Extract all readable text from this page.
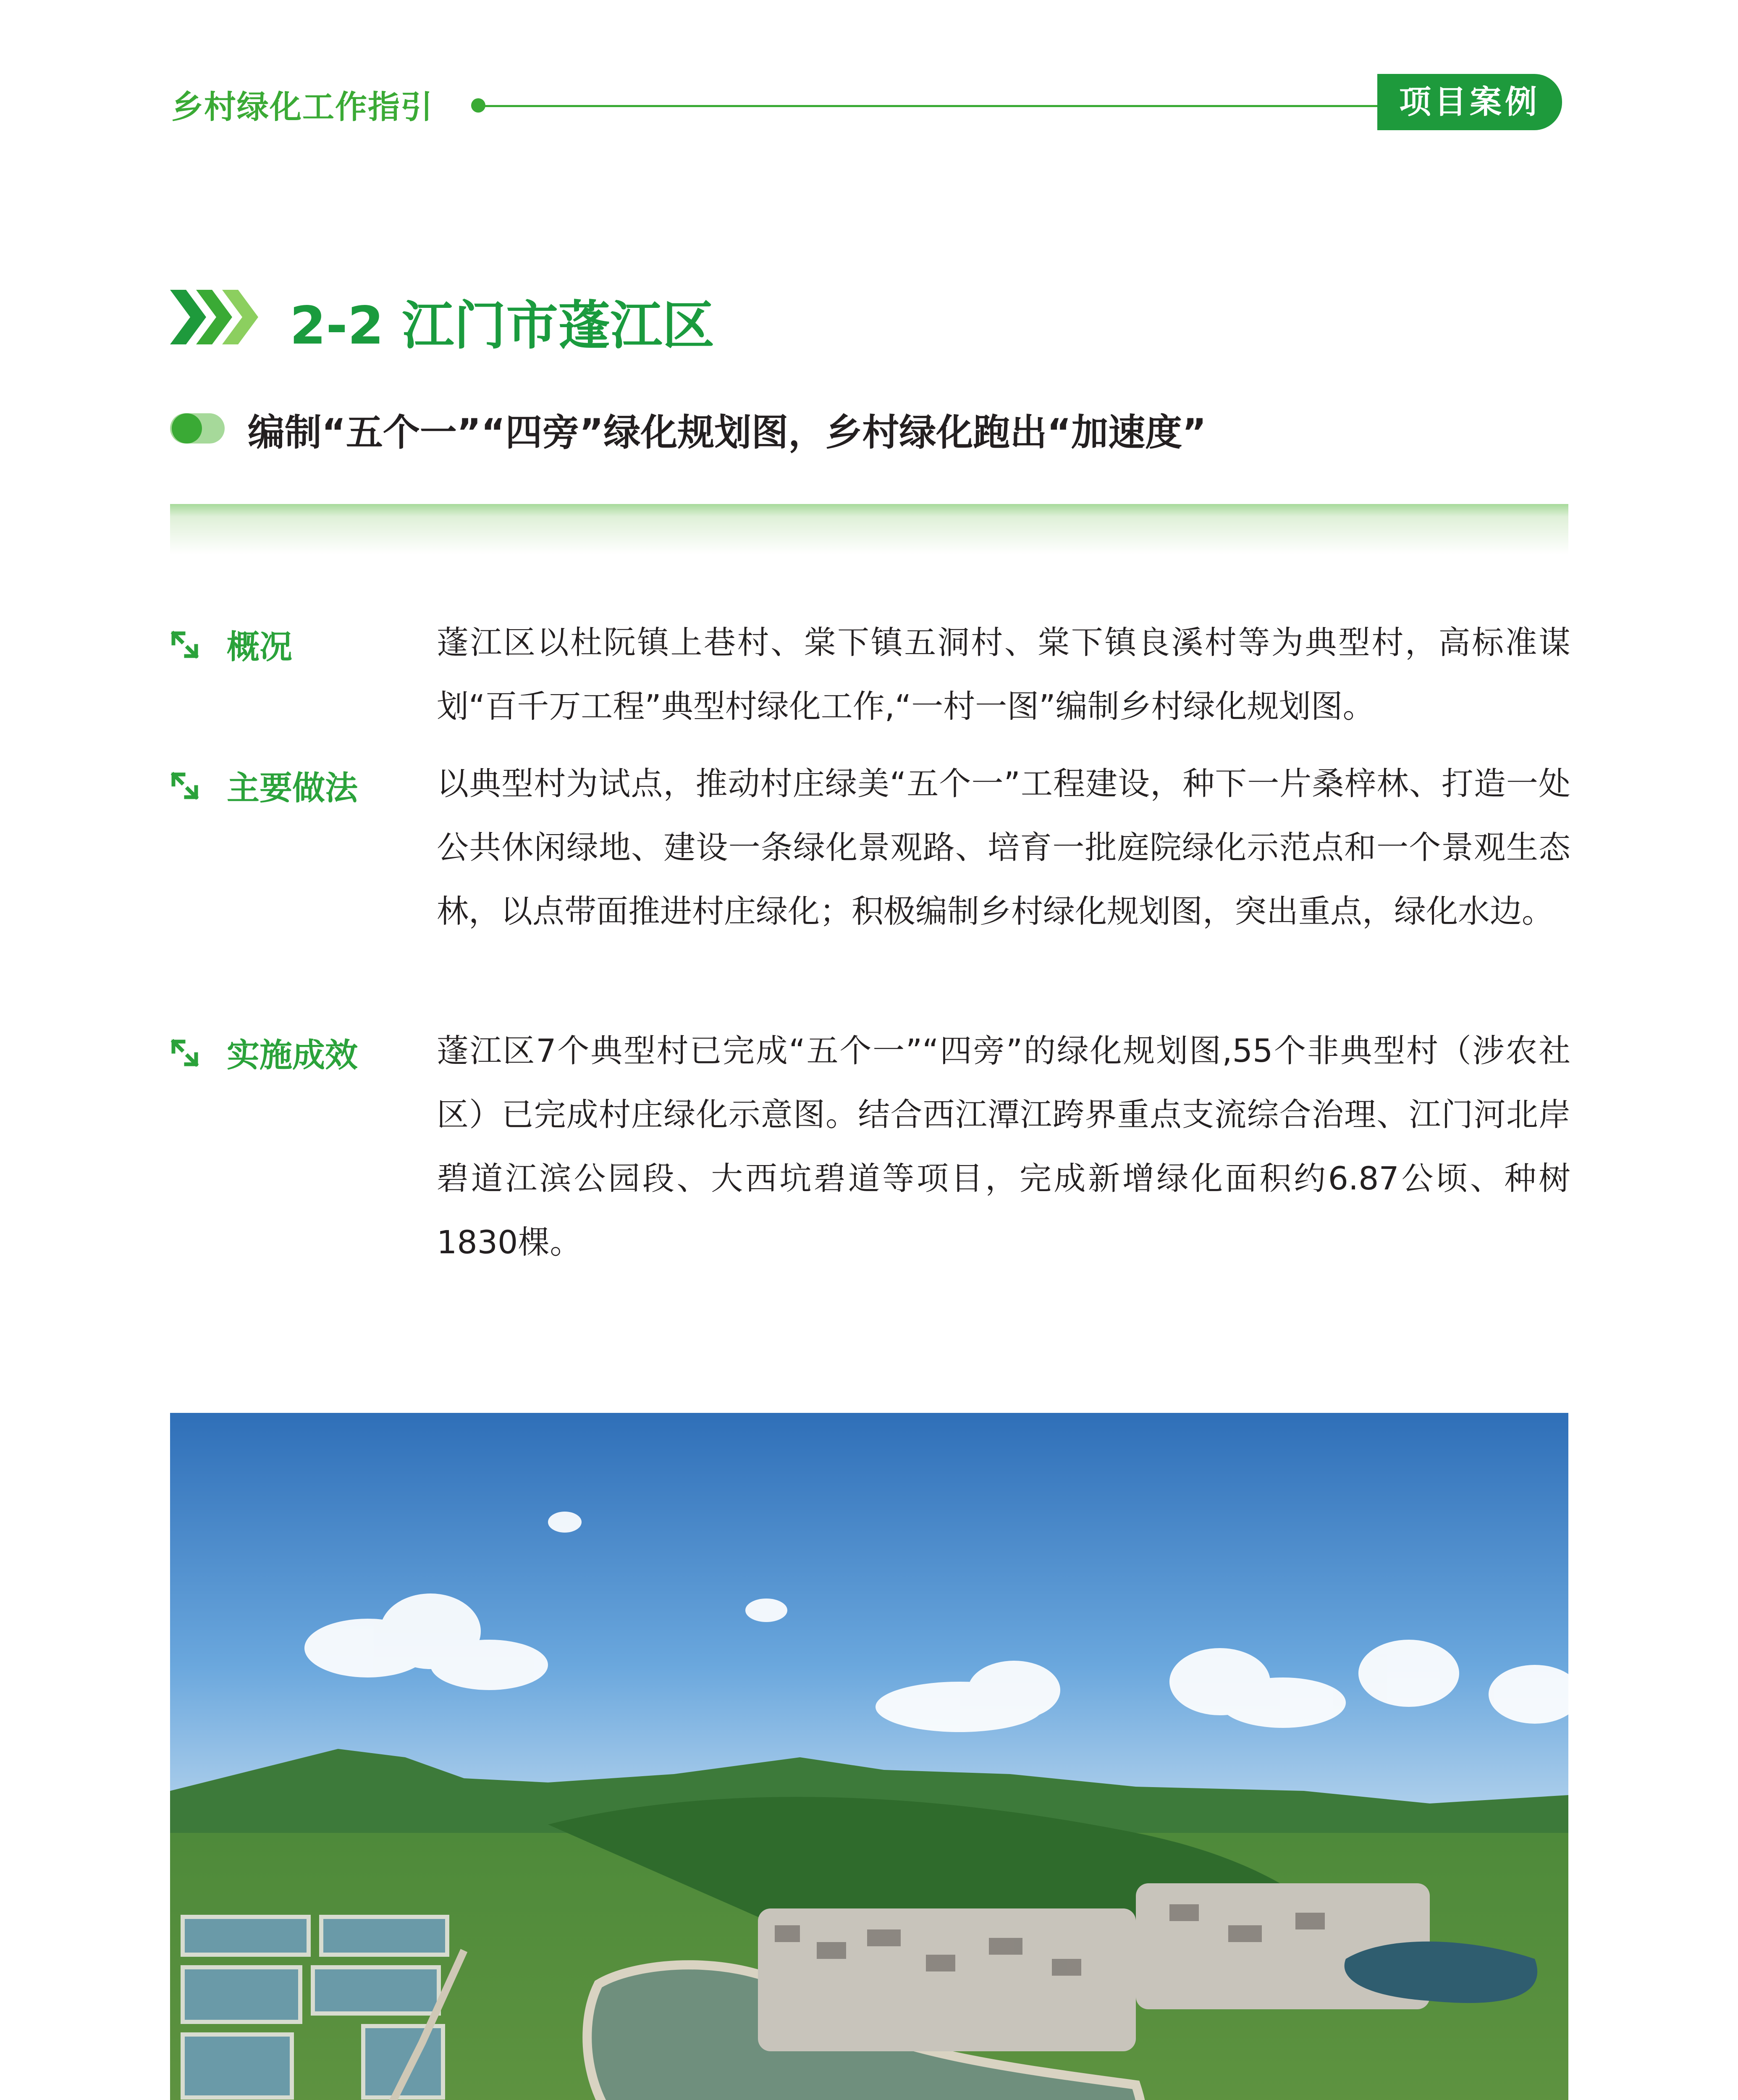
乡村绿化工作指引	项目案例
2-2 江门市蓬江区
编制“五个一”“四旁”绿化规划图，乡村绿化跑出“加速度”
概况	蓬江区以杜阮镇上巷村、棠下镇五洞村、棠下镇良溪村等为典型村，高标准谋划“百千万工程”典型村绿化工作,“一村一图”编制乡村绿化规划图。
主要做法 以典型村为试点，推动村庄绿美“五个一”工程建设，种下一片桑梓林、打造一处公共休闲绿地、建设一条绿化景观路、培育一批庭院绿化示范点和一个景观生态林，以点带面推进村庄绿化；积极编制乡村绿化规划图，突出重点，绿化水边。
实施成效 蓬江区7个典型村已完成“五个一”“四旁”的绿化规划图,55个非典型村（涉农社区）已完成村庄绿化示意图。结合西江潭江跨界重点支流综合治理、江门河北岸碧道江滨公园段、大西坑碧道等项目，完成新增绿化面积约6.87公顷、种树1830棵。
